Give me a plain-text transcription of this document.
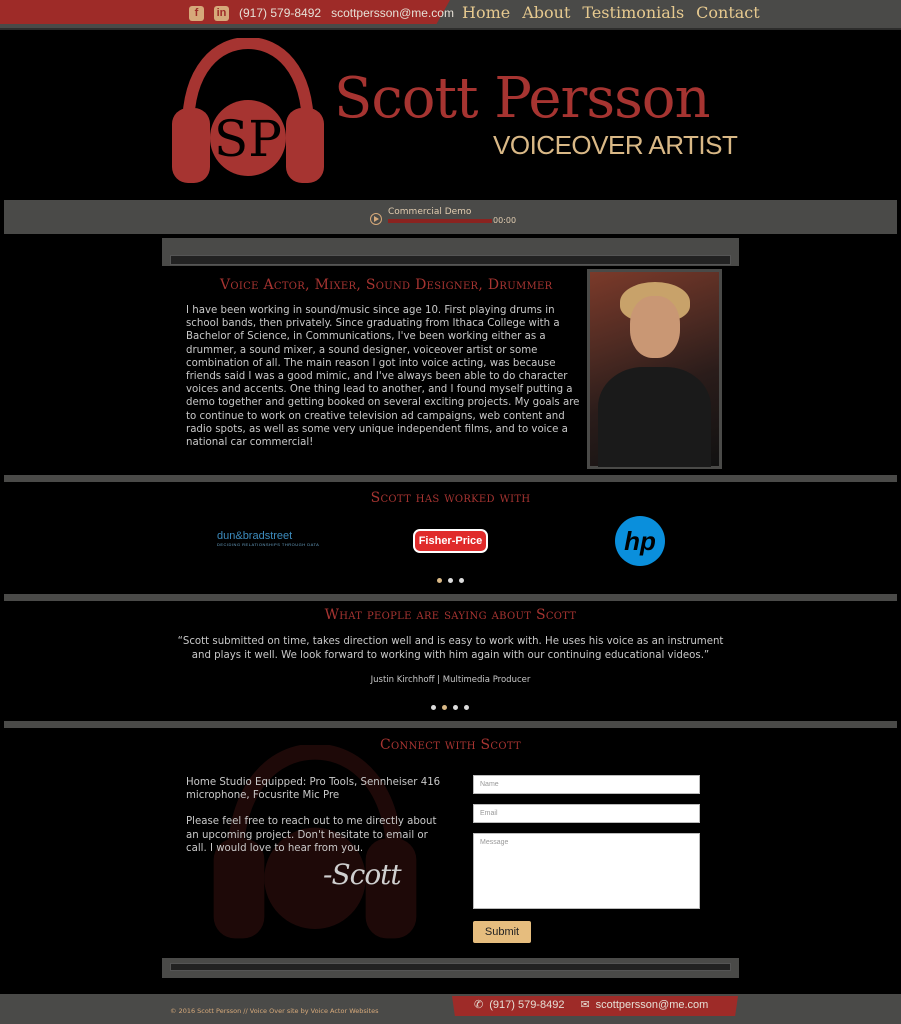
f	in (917) 579-8492 scottpersson@me.com Home About Testimonials Contact
SP
Scott Persson
VOICEOVER ARTIST
Commercial Demo
00:00
Voice Actor, Mixer, Sound Designer, Drummer
I have been working in sound/music since age 10. First playing drums in school bands, then privately. Since graduating from Ithaca College with a Bachelor of Science, in Communications, I've been working either as a drummer, a sound mixer, a sound designer, voiceover artist or some combination of all. The main reason I got into voice acting, was because friends said I was a good mimic, and I've always been able to do character voices and accents. One thing lead to another, and I found myself putting a demo together and getting booked on several exciting projects. My goals are to continue to work on creative television ad campaigns, web content and radio spots, as well as some very unique independent films, and to voice a national car commercial!
Scott has worked with
dun&bradstreet
DECIDING RELATIONSHIPS THROUGH DATA	Fisher-Price	hp
What people are saying about Scott
“Scott submitted on time, takes direction well and is easy to work with. He uses his voice as an instrument and plays it well. We look forward to working with him again with our continuing educational videos.”
Justin Kirchhoff | Multimedia Producer
Connect with Scott

Home Studio Equipped: Pro Tools, Sennheiser 416 microphone, Focusrite Mic Pre

Please feel free to reach out to me directly about an upcoming project. Don't hesitate to email or call. I would love to hear from you.

-Scott
Name
Email
Message
Submit
© 2016 Scott Persson // Voice Over site by Voice Actor Websites	✆ (917) 579-8492 ✉ scottpersson@me.com
